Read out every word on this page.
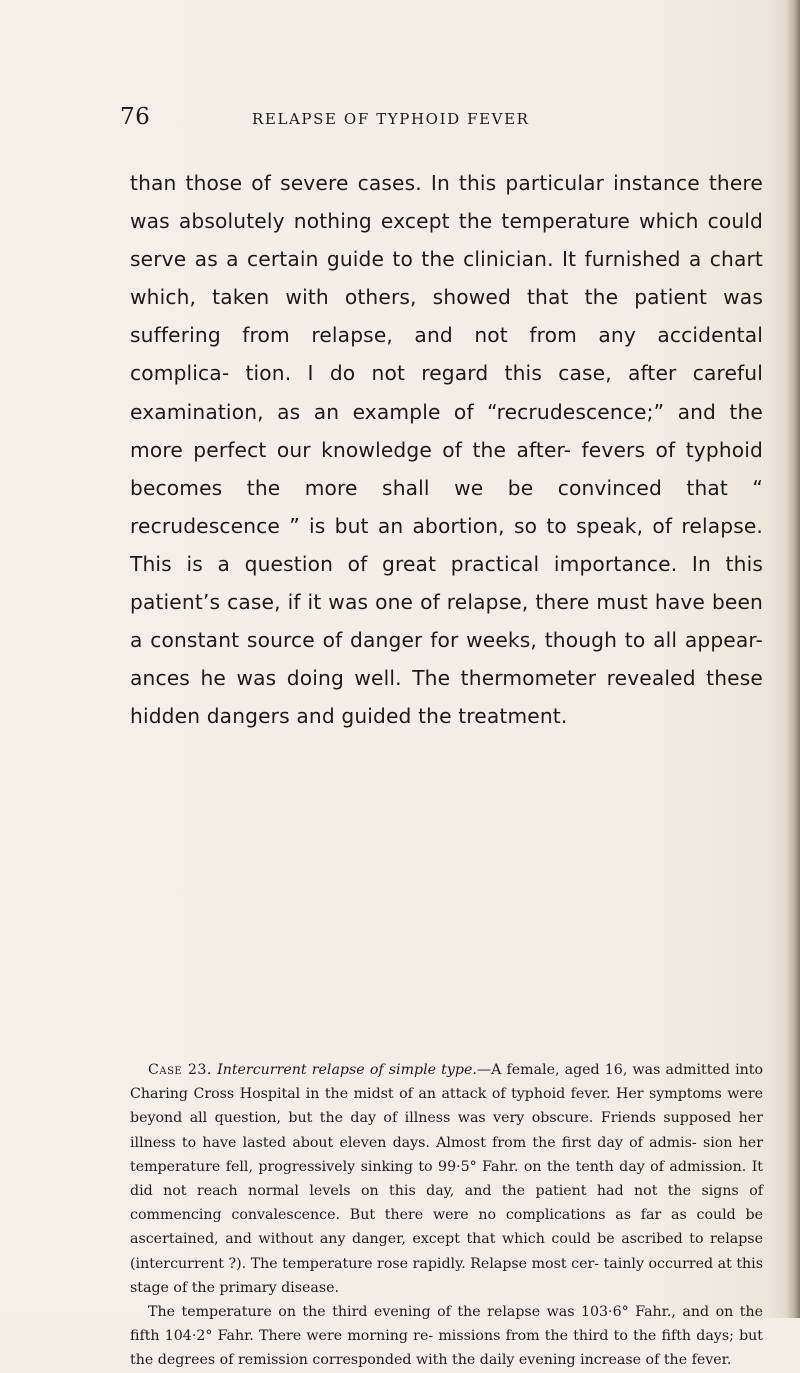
76	RELAPSE OF TYPHOID FEVER

than those of severe cases. In this particular instance there was absolutely nothing except the temperature which could serve as a certain guide to the clinician. It furnished a chart which, taken with others, showed that the patient was suffering from relapse, and not from any accidental complica- tion. I do not regard this case, after careful examination, as an example of “recrudescence;” and the more perfect our knowledge of the after- fevers of typhoid becomes the more shall we be convinced that “ recrudescence ” is but an abortion, so to speak, of relapse. This is a question of great practical importance. In this patient’s case, if it was one of relapse, there must have been a constant source of danger for weeks, though to all appear- ances he was doing well. The thermometer revealed these hidden dangers and guided the treatment.

Case 23. Intercurrent relapse of simple type.—A female, aged 16, was admitted into Charing Cross Hospital in the midst of an attack of typhoid fever. Her symptoms were beyond all question, but the day of illness was very obscure. Friends supposed her illness to have lasted about eleven days. Almost from the first day of admis- sion her temperature fell, progressively sinking to 99·5° Fahr. on the tenth day of admission. It did not reach normal levels on this day, and the patient had not the signs of commencing convalescence. But there were no complications as far as could be ascertained, and without any danger, except that which could be ascribed to relapse (intercurrent ?). The temperature rose rapidly. Relapse most cer- tainly occurred at this stage of the primary disease.

The temperature on the third evening of the relapse was 103·6° Fahr., and on the fifth 104·2° Fahr. There were morning re- missions from the third to the fifth days; but the degrees of remission corresponded with the daily evening increase of the fever.
